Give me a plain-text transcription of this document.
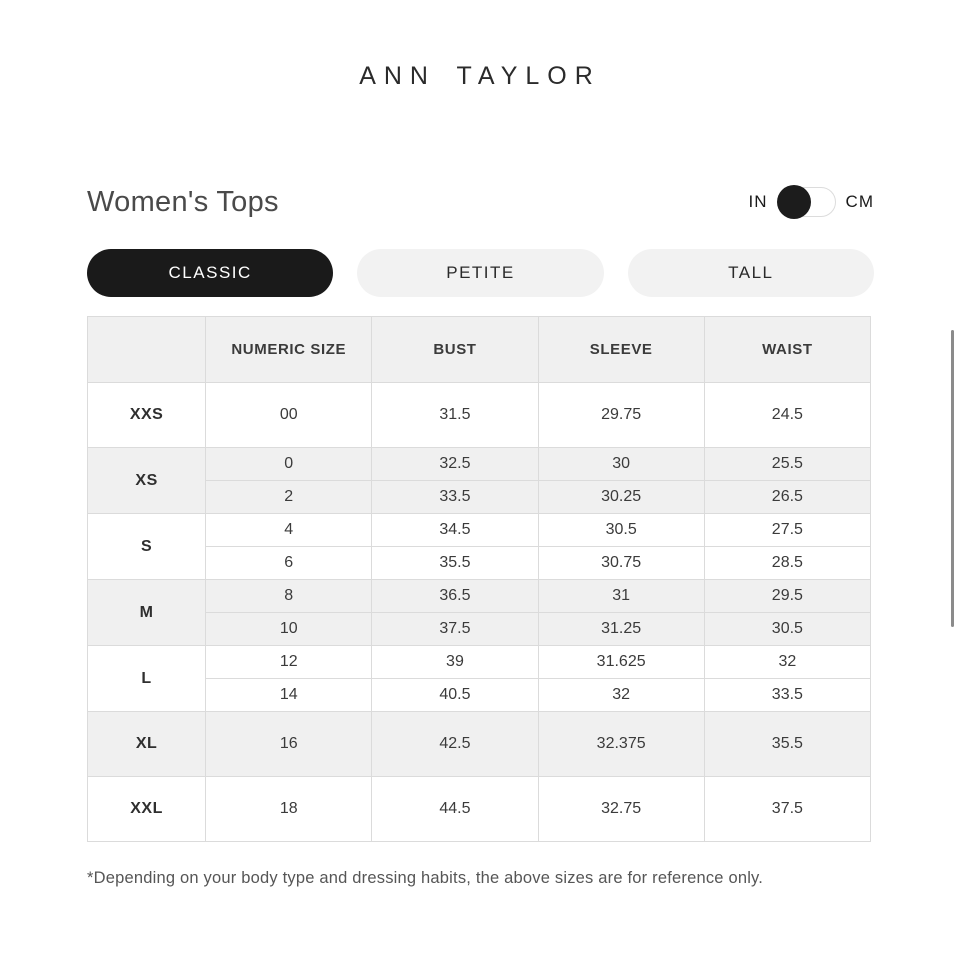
ANN TAYLOR
Women's Tops	IN	CM
CLASSIC	PETITE	TALL
	NUMERIC SIZE	BUST	SLEEVE	WAIST
XXS	00	31.5	29.75	24.5
XS	0	32.5	30	25.5
	2	33.5	30.25	26.5
S	4	34.5	30.5	27.5
	6	35.5	30.75	28.5
M	8	36.5	31	29.5
	10	37.5	31.25	30.5
L	12	39	31.625	32
	14	40.5	32	33.5
XL	16	42.5	32.375	35.5
XXL	18	44.5	32.75	37.5

*Depending on your body type and dressing habits, the above sizes are for reference only.
